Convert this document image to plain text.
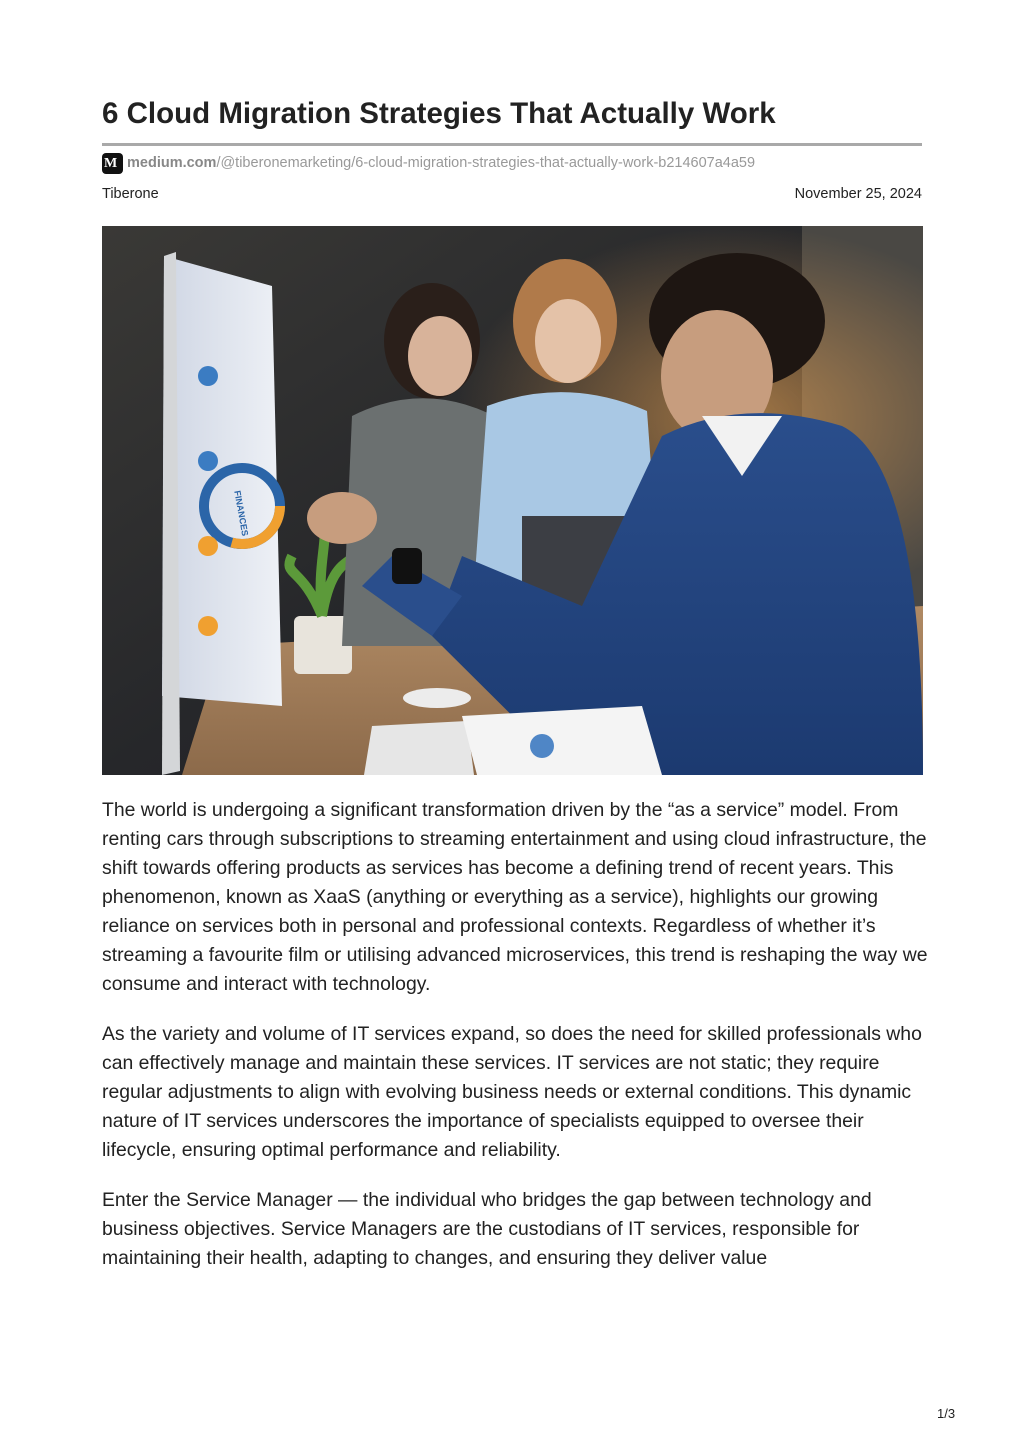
6 Cloud Migration Strategies That Actually Work
M medium.com /@tiberonemarketing/6-cloud-migration-strategies-that-actually-work-b214607a4a59
Tiberone	November 25, 2024
FINANCES

The world is undergoing a significant transformation driven by the “as a service” model. From renting cars through subscriptions to streaming entertainment and using cloud infrastructure, the shift towards offering products as services has become a defining trend of recent years. This phenomenon, known as XaaS (anything or everything as a service), highlights our growing reliance on services both in personal and professional contexts. Regardless of whether it’s streaming a favourite film or utilising advanced microservices, this trend is reshaping the way we consume and interact with technology.

As the variety and volume of IT services expand, so does the need for skilled professionals who can effectively manage and maintain these services. IT services are not static; they require regular adjustments to align with evolving business needs or external conditions. This dynamic nature of IT services underscores the importance of specialists equipped to oversee their lifecycle, ensuring optimal performance and reliability.

Enter the Service Manager — the individual who bridges the gap between technology and business objectives. Service Managers are the custodians of IT services, responsible for maintaining their health, adapting to changes, and ensuring they deliver value

1/3
